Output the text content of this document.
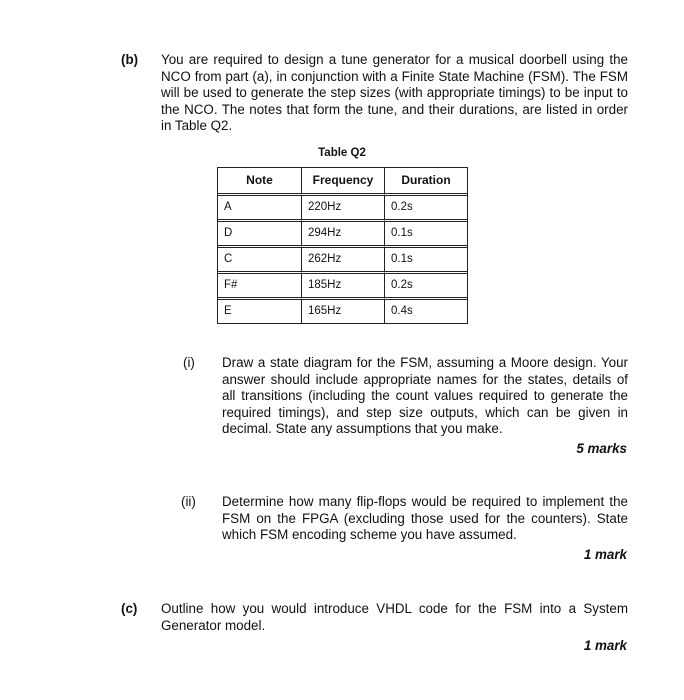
(b) You are required to design a tune generator for a musical doorbell using the NCO from part (a), in conjunction with a Finite State Machine (FSM). The FSM will be used to generate the step sizes (with appropriate timings) to be input to the NCO. The notes that form the tune, and their durations, are listed in order in Table Q2.
Table Q2
Note	Frequency	Duration
A	220Hz	0.2s
D	294Hz	0.1s
C	262Hz	0.1s
F#	185Hz	0.2s
E	165Hz	0.4s
(i) Draw a state diagram for the FSM, assuming a Moore design. Your answer should include appropriate names for the states, details of all transitions (including the count values required to generate the required timings), and step size outputs, which can be given in decimal. State any assumptions that you make.
5 marks
(ii) Determine how many flip-flops would be required to implement the FSM on the FPGA (excluding those used for the counters). State which FSM encoding scheme you have assumed.
1 mark
(c) Outline how you would introduce VHDL code for the FSM into a System Generator model.
1 mark
